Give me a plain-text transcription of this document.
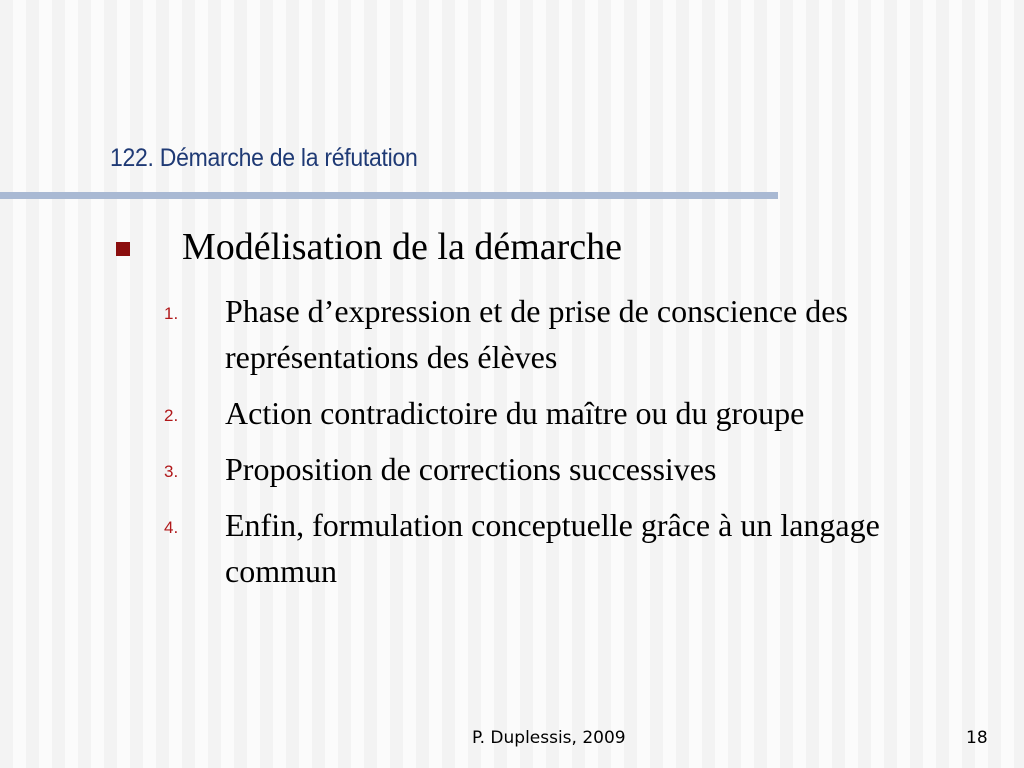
122. Démarche de la réfutation
Modélisation de la démarche
1.	Phase d’expression et de prise de conscience des représentations des élèves
2.	Action contradictoire du maître ou du groupe
3.	Proposition de corrections successives
4.	Enfin, formulation conceptuelle grâce à un langage commun
P. Duplessis, 2009	18
